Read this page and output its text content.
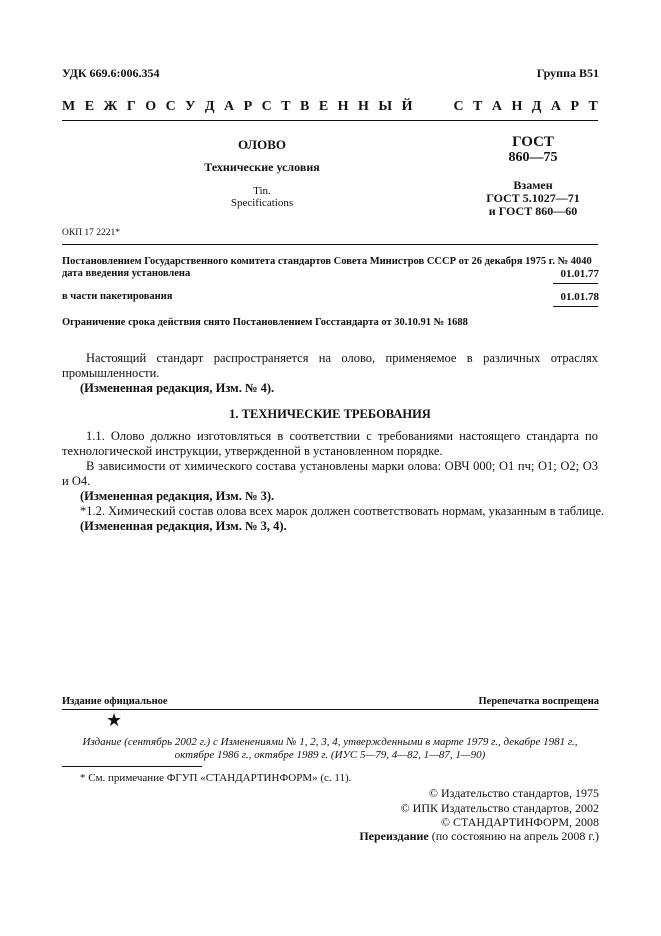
УДК 669.6:006.354	Группа В51
М Е Ж Г О С У Д А Р С Т В Е Н Н Ы Й	С Т А Н Д А Р Т
ОЛОВО
Технические условия
Tin.
Specifications
ГОСТ
860—75
Взамен
ГОСТ 5.1027—71
и ГОСТ 860—60
ОКП 17 2221*
Постановлением Государственного комитета стандартов Совета Министров СССР от 26 декабря 1975 г. № 4040
дата введения установлена	01.01.77
в части пакетирования	01.01.78
Ограничение срока действия снято Постановлением Госстандарта от 30.10.91 № 1688
Настоящий стандарт распространяется на олово, применяемое в различных отраслях промышленности.
(Измененная редакция, Изм. № 4).
1. ТЕХНИЧЕСКИЕ ТРЕБОВАНИЯ
1.1. Олово должно изготовляться в соответствии с требованиями настоящего стандарта по технологической инструкции, утвержденной в установленном порядке.
В зависимости от химического состава установлены марки олова: ОВЧ 000; О1 пч; О1; О2; О3 и О4.
(Измененная редакция, Изм. № 3).
*1.2. Химический состав олова всех марок должен соответствовать нормам, указанным в таблице.
(Измененная редакция, Изм. № 3, 4).
Издание официальное	Перепечатка воспрещена
★
Издание (сентябрь 2002 г.) с Изменениями № 1, 2, 3, 4, утвержденными в марте 1979 г., декабре 1981 г., октябре 1986 г., октябре 1989 г. (ИУС 5—79, 4—82, 1—87, 1—90)
* См. примечание ФГУП «СТАНДАРТИНФОРМ» (с. 11).
© Издательство стандартов, 1975
© ИПК Издательство стандартов, 2002
© СТАНДАРТИНФОРМ, 2008
Переиздание (по состоянию на апрель 2008 г.)
